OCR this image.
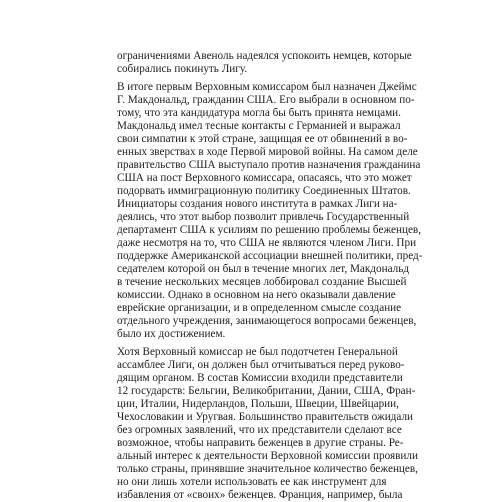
ограничениями Авеноль надеялся успокоить немцев, которые
собирались покинуть Лигу.
В итоге первым Верховным комиссаром был назначен Джеймс
Г. Макдональд, гражданин США. Его выбрали в основном по-
тому, что эта кандидатура могла бы быть принята немцами.
Макдональд имел тесные контакты с Германией и выражал
свои симпатии к этой стране, защищая ее от обвинений в во-
енных зверствах в ходе Первой мировой войны. На самом деле
правительство США выступало против назначения гражданина
США на пост Верховного комиссара, опасаясь, что это может
подорвать иммиграционную политику Соединенных Штатов.
Инициаторы создания нового института в рамках Лиги на-
деялись, что этот выбор позволит привлечь Государственный
департамент США к усилиям по решению проблемы беженцев,
даже несмотря на то, что США не являются членом Лиги. При
поддержке Американской ассоциации внешней политики, пред-
седателем которой он был в течение многих лет, Макдональд
в течение нескольких месяцев лоббировал создание Высшей
комиссии. Однако в основном на него оказывали давление
еврейские организации, и в определенном смысле создание
отдельного учреждения, занимающегося вопросами беженцев,
было их достижением.
Хотя Верховный комиссар не был подотчетен Генеральной
ассамблее Лиги, он должен был отчитываться перед руково-
дящим органом. В состав Комиссии входили представители
12 государств: Бельгии, Великобритании, Дании, США, Фран-
ции, Италии, Нидерландов, Польши, Швеции, Швейцарии,
Чехословакии и Уругвая. Большинство правительств ожидали
без огромных заявлений, что их представители сделают все
возможное, чтобы направить беженцев в другие страны. Ре-
альный интерес к деятельности Верховной комиссии проявили
только страны, принявшие значительное количество беженцев,
но они лишь хотели использовать ее как инструмент для
избавления от «своих» беженцев. Франция, например, была
